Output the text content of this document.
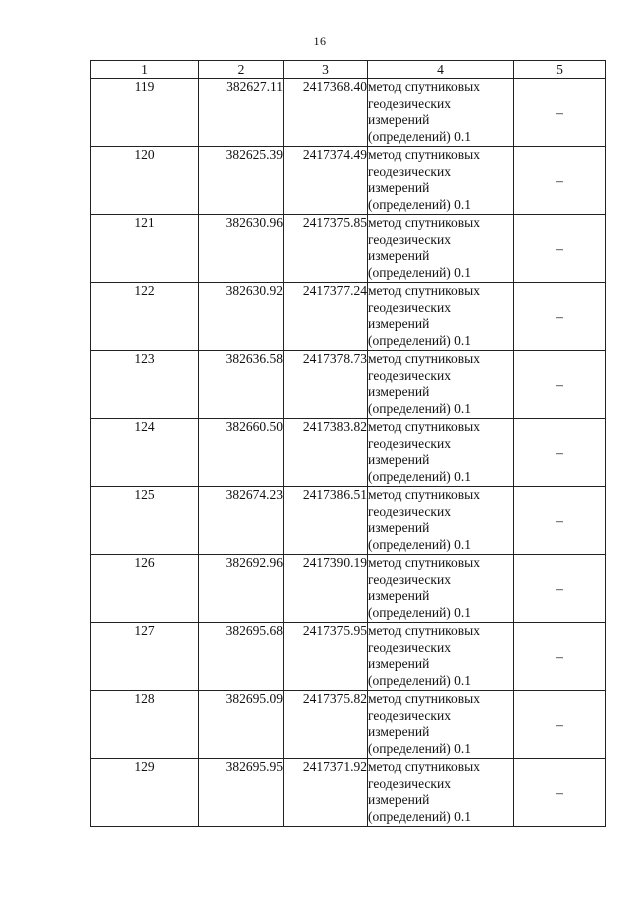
16
1	2	3	4	5
119	382627.11	2417368.40	метод спутниковых
геодезических
измерений
(определений) 0.1	–
120	382625.39	2417374.49	метод спутниковых
геодезических
измерений
(определений) 0.1	–
121	382630.96	2417375.85	метод спутниковых
геодезических
измерений
(определений) 0.1	–
122	382630.92	2417377.24	метод спутниковых
геодезических
измерений
(определений) 0.1	–
123	382636.58	2417378.73	метод спутниковых
геодезических
измерений
(определений) 0.1	–
124	382660.50	2417383.82	метод спутниковых
геодезических
измерений
(определений) 0.1	–
125	382674.23	2417386.51	метод спутниковых
геодезических
измерений
(определений) 0.1	–
126	382692.96	2417390.19	метод спутниковых
геодезических
измерений
(определений) 0.1	–
127	382695.68	2417375.95	метод спутниковых
геодезических
измерений
(определений) 0.1	–
128	382695.09	2417375.82	метод спутниковых
геодезических
измерений
(определений) 0.1	–
129	382695.95	2417371.92	метод спутниковых
геодезических
измерений
(определений) 0.1	–
